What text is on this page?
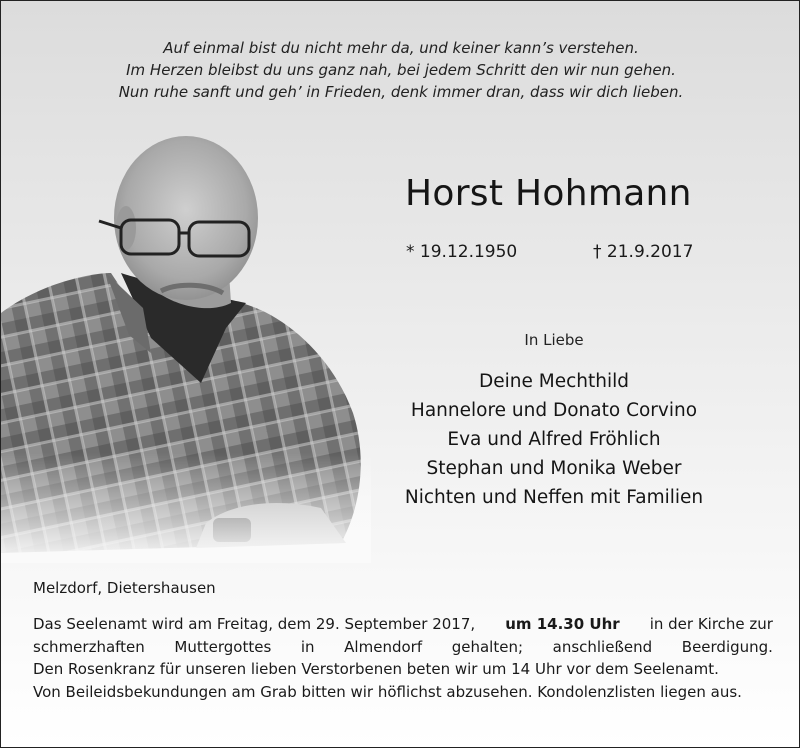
Auf einmal bist du nicht mehr da, und keiner kann’s verstehen.
Im Herzen bleibst du uns ganz nah, bei jedem Schritt den wir nun gehen.
Nun ruhe sanft und geh’ in Frieden, denk immer dran, dass wir dich lieben.
Horst Hohmann
* 19.12.1950	† 21.9.2017
In Liebe
Deine Mechthild
Hannelore und Donato Corvino
Eva und Alfred Fröhlich
Stephan und Monika Weber
Nichten und Neffen mit Familien
Melzdorf, Dietershausen
Das Seelenamt wird am Freitag, dem 29. September 2017, um 14.30 Uhr in der Kirche zur
schmerzhaften Muttergottes in Almendorf gehalten; anschließend Beerdigung.
Den Rosenkranz für unseren lieben Verstorbenen beten wir um 14 Uhr vor dem Seelenamt.
Von Beileidsbekundungen am Grab bitten wir höflichst abzusehen. Kondolenzlisten liegen aus.
